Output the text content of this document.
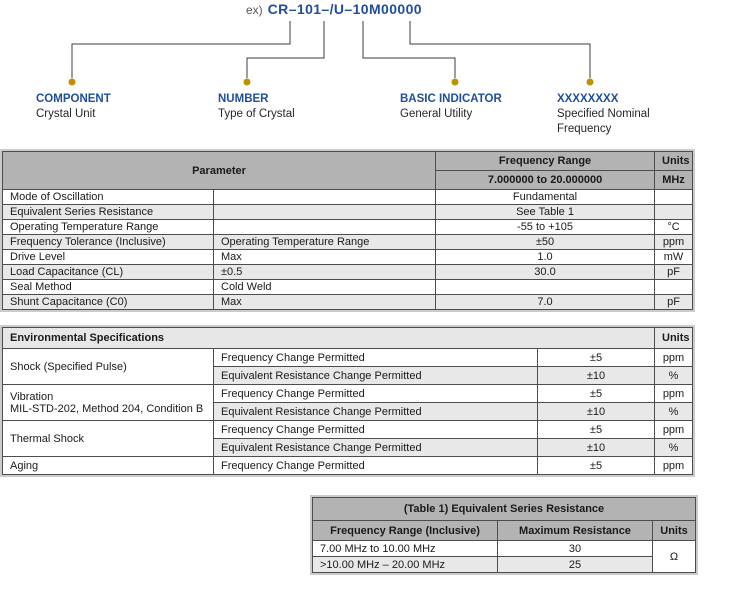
ex) CR–101–/U–10M00000
COMPONENT
Crystal Unit
NUMBER
Type of Crystal
BASIC INDICATOR
General Utility
XXXXXXXX
Specified Nominal Frequency
Parameter		Frequency Range	Units
		7.000000 to 20.000000	MHz
Mode of Oscillation		Fundamental	
Equivalent Series Resistance		See Table 1	
Operating Temperature Range		-55 to +105	°C
Frequency Tolerance (Inclusive)	Operating Temperature Range	±50	ppm
Drive Level	Max	1.0	mW
Load Capacitance (CL)	±0.5	30.0	pF
Seal Method	Cold Weld		
Shunt Capacitance (C0)	Max	7.0	pF
Environmental Specifications			Units

Shock (Specified Pulse)	Frequency Change Permitted	±5	ppm
	Equivalent Resistance Change Permitted	±10	%

Vibration
MIL-STD-202, Method 204, Condition B	Frequency Change Permitted	±5	ppm
	Equivalent Resistance Change Permitted	±10	%

Thermal Shock	Frequency Change Permitted	±5	ppm
	Equivalent Resistance Change Permitted	±10	%

Aging	Frequency Change Permitted	±5	ppm
(Table 1) Equivalent Series Resistance		
Frequency Range (Inclusive)	Maximum Resistance	Units
7.00 MHz to 10.00 MHz	30	Ω
>10.00 MHz – 20.00 MHz	25	
